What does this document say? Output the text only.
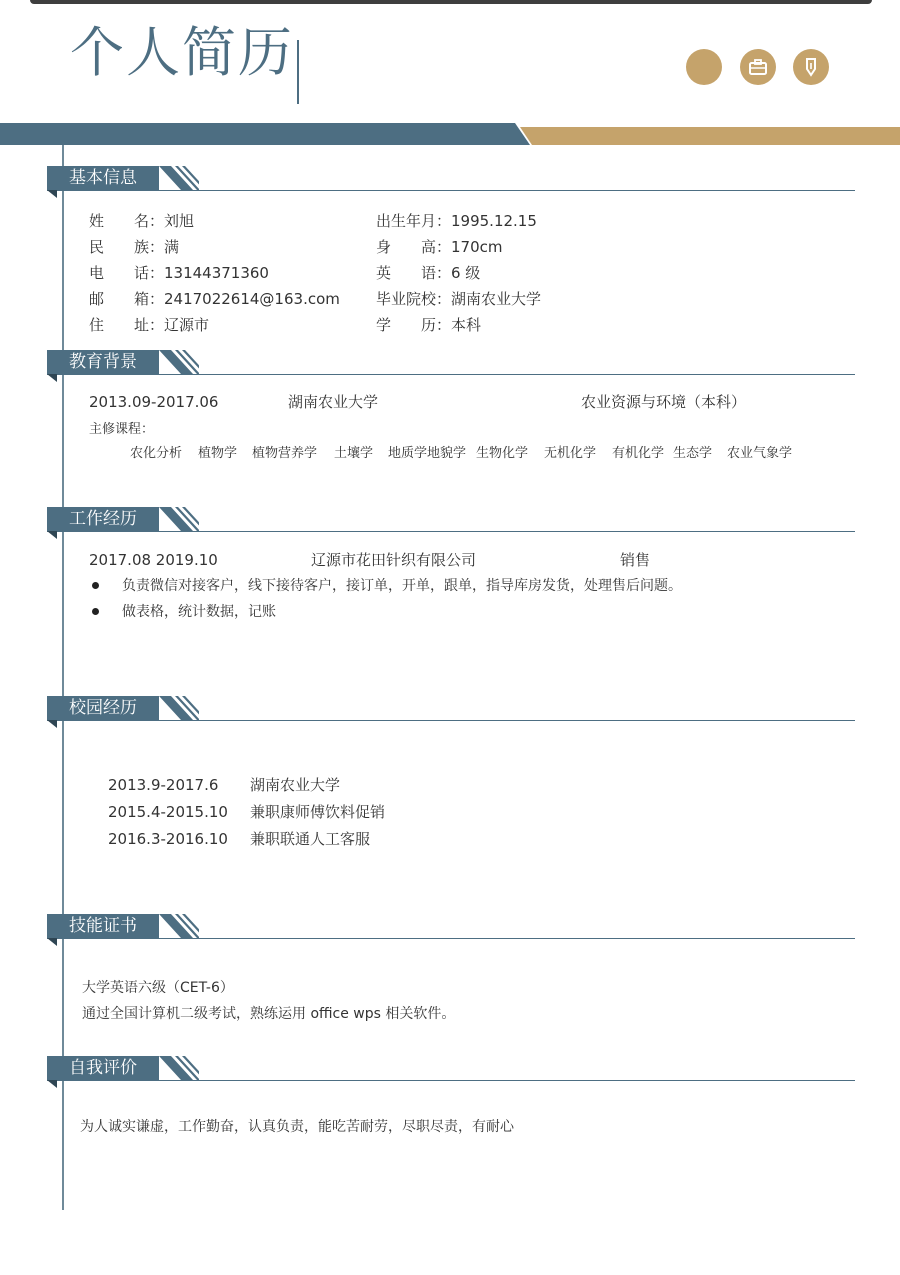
个人简历
基本信息
姓　　名：刘旭
民　　族：满
电　　话：13144371360
邮　　箱：2417022614@163.com
住　　址：辽源市
出生年月：1995.12.15
身　　高：170cm
英　　语：6 级
毕业院校：湖南农业大学
学　　历：本科
教育背景
2013.09-2017.06	湖南农业大学	农业资源与环境（本科）
主修课程：
农化分析 植物学 植物营养学 土壤学 地质学地貌学 生物化学 无机化学 有机化学 生态学 农业气象学
工作经历
2017.08 2019.10	辽源市花田针织有限公司	销售
负责微信对接客户，线下接待客户，接订单，开单，跟单，指导库房发货，处理售后问题。
做表格，统计数据，记账
校园经历
2013.9-2017.6 湖南农业大学
2015.4-2015.10 兼职康师傅饮料促销
2016.3-2016.10 兼职联通人工客服
技能证书
大学英语六级（CET-6）
通过全国计算机二级考试，熟练运用 office wps 相关软件。
自我评价
为人诚实谦虚，工作勤奋，认真负责，能吃苦耐劳，尽职尽责，有耐心
